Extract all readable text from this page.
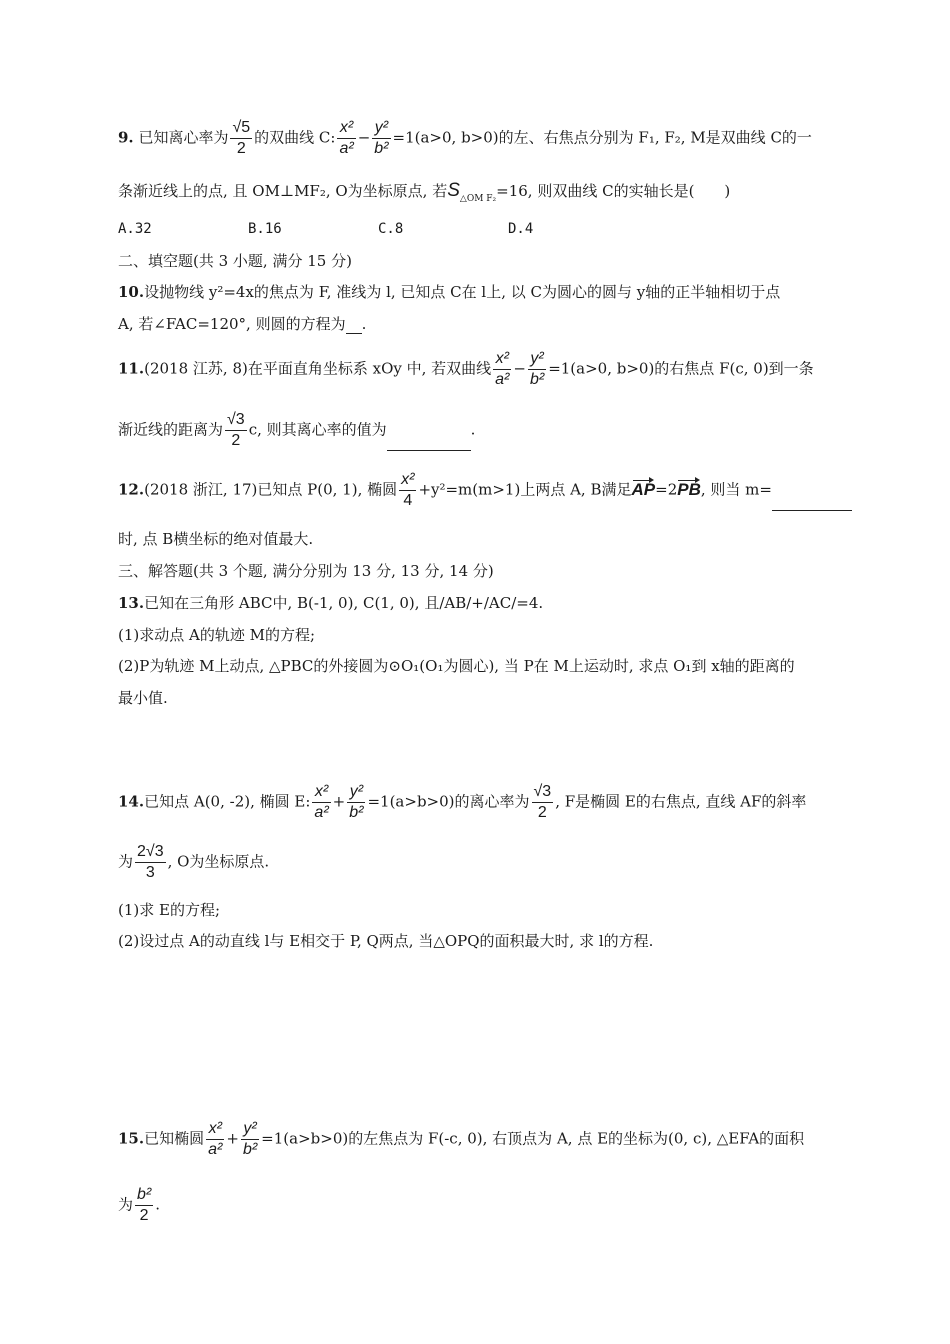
9. 已知离心率为 $\frac{√5}{2}$ 的双曲线 C: $\frac{\text{x²}}{\text{a²}} - \frac{\text{y²}}{\text{b²}} =1(a>0$, b>0)的左、右焦点分别为 F₁, F₂, M是双曲线 C的一
条渐近线上的点, 且 OM⊥MF₂, O为坐标原点, 若$S_{\triangle OM F_2}=16$, 则双曲线 C的实轴长是(　　)
A.32	B.16	C.8	D.4
二、填空题(共 3 小题, 满分 15 分)
10.设抛物线 y²=4x的焦点为 F, 准线为 l, 已知点 C在 l上, 以 C为圆心的圆与 y轴的正半轴相切于点
A, 若∠FAC=120°, 则圆的方程为 .
11.(2018 江苏, 8)在平面直角坐标系 xOy 中, 若双曲线 $\frac{\text{x²}}{\text{a²}} - \frac{\text{y²}}{\text{b²}} =1(a>0$, b>0)的右焦点 F(c, 0)到一条
渐近线的距离为 $\frac{√3}{2} c$, 则其离心率的值为	.
12.(2018 浙江, 17)已知点 P(0, 1), 椭圆 $\frac{\text{x²}}{4} +y^2=m(m>1)$上两点 A, B满足AP=2PB, 则当 m=
时, 点 B横坐标的绝对值最大.
三、解答题(共 3 个题, 满分分别为 13 分, 13 分, 14 分)
13.已知在三角形 ABC中, B(-1, 0), C(1, 0), 且/AB/+/AC/=4.
(1)求动点 A的轨迹 M的方程;
(2)P为轨迹 M上动点, △PBC的外接圆为⊙O₁(O₁为圆心), 当 P在 M上运动时, 求点 O₁到 x轴的距离的
最小值.
14.已知点 A(0, -2), 椭圆 E: $\frac{\text{x²}}{\text{a²}} + \frac{\text{y²}}{\text{b²}} =1(a>b>0)$的离心率为 $\frac{√3}{2}$ , F是椭圆 E的右焦点, 直线 AF的斜率
为 $\frac{2√3}{3}$ , O为坐标原点.
(1)求 E的方程;
(2)设过点 A的动直线 l与 E相交于 P, Q两点, 当△OPQ的面积最大时, 求 l的方程.
15.已知椭圆 $\frac{\text{x²}}{\text{a²}} + \frac{\text{y²}}{\text{b²}} =1(a>b>0)$的左焦点为 F(-c, 0), 右顶点为 A, 点 E的坐标为(0, c), △EFA的面积
为 $\frac{\text{b²}}{2}$ .
